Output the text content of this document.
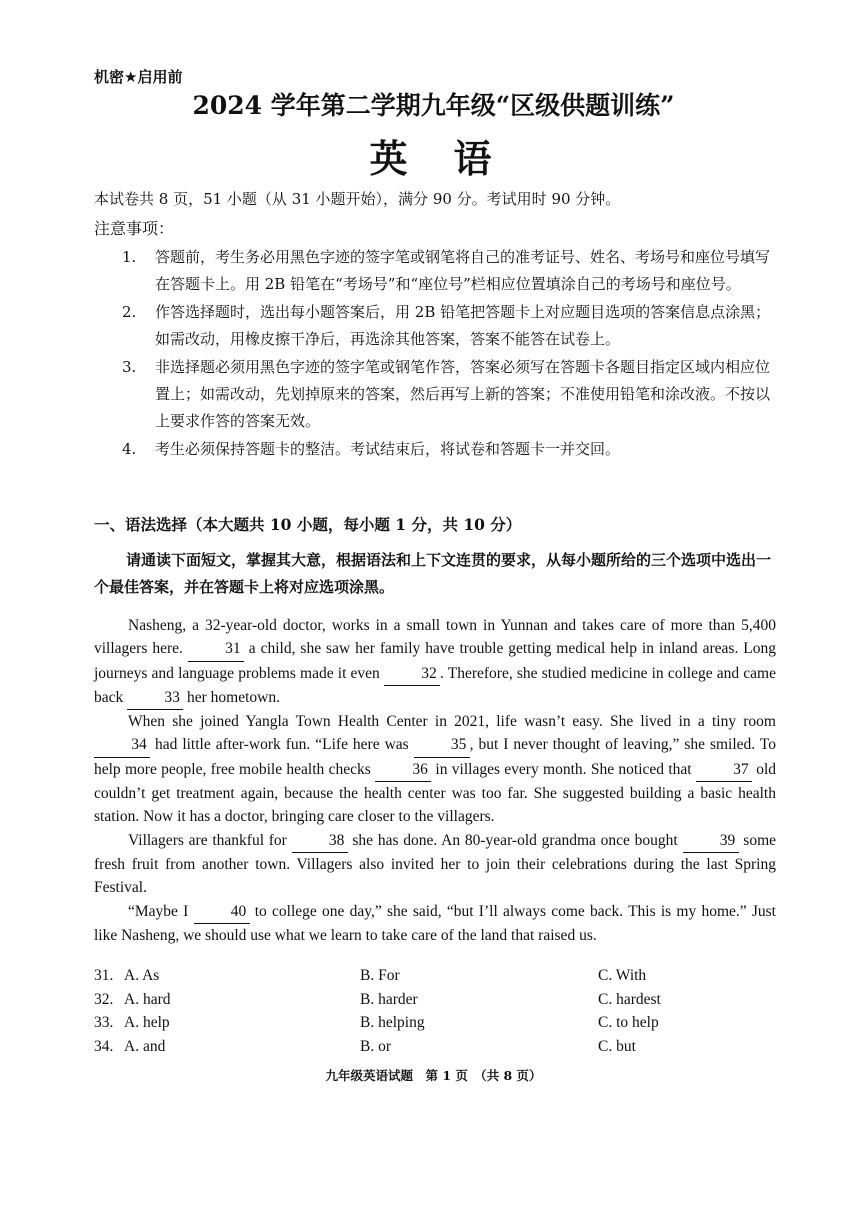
机密★启用前
2024 学年第二学期九年级“区级供题训练”
英 语
本试卷共 8 页，51 小题（从 31 小题开始），满分 90 分。考试用时 90 分钟。
注意事项：
1.	答题前，考生务必用黑色字迹的签字笔或钢笔将自己的准考证号、姓名、考场号和座位号填写在答题卡上。用 2B 铅笔在“考场号”和“座位号”栏相应位置填涂自己的考场号和座位号。
2.	作答选择题时，选出每小题答案后，用 2B 铅笔把答题卡上对应题目选项的答案信息点涂黑；如需改动，用橡皮擦干净后，再选涂其他答案，答案不能答在试卷上。
3.	非选择题必须用黑色字迹的签字笔或钢笔作答，答案必须写在答题卡各题目指定区域内相应位置上；如需改动，先划掉原来的答案，然后再写上新的答案；不准使用铅笔和涂改液。不按以上要求作答的答案无效。
4.	考生必须保持答题卡的整洁。考试结束后，将试卷和答题卡一并交回。
一、语法选择（本大题共 10 小题，每小题 1 分，共 10 分）
请通读下面短文，掌握其大意，根据语法和上下文连贯的要求，从每小题所给的三个选项中选出一个最佳答案，并在答题卡上将对应选项涂黑。

Nasheng, a 32-year-old doctor, works in a small town in Yunnan and takes care of more than 5,400 villagers here. 31 a child, she saw her family have trouble getting medical help in inland areas. Long journeys and language problems made it even 32 . Therefore, she studied medicine in college and came back 33 her hometown.

When she joined Yangla Town Health Center in 2021, life wasn’t easy. She lived in a tiny room 34 had little after-work fun. “Life here was 35 , but I never thought of leaving,” she smiled. To help more people, free mobile health checks 36 in villages every month. She noticed that 37 old couldn’t get treatment again, because the health center was too far. She suggested building a basic health station. Now it has a doctor, bringing care closer to the villagers.

Villagers are thankful for 38 she has done. An 80-year-old grandma once bought 39 some fresh fruit from another town. Villagers also invited her to join their celebrations during the last Spring Festival.

“Maybe I 40 to college one day,” she said, “but I’ll always come back. This is my home.” Just like Nasheng, we should use what we learn to take care of the land that raised us.

31. A. As	B. For	C. With
32. A. hard	B. harder	C. hardest
33. A. help	B. helping	C. to help
34. A. and	B. or	C. but
九年级英语试题　第 1 页　（共 8 页）
